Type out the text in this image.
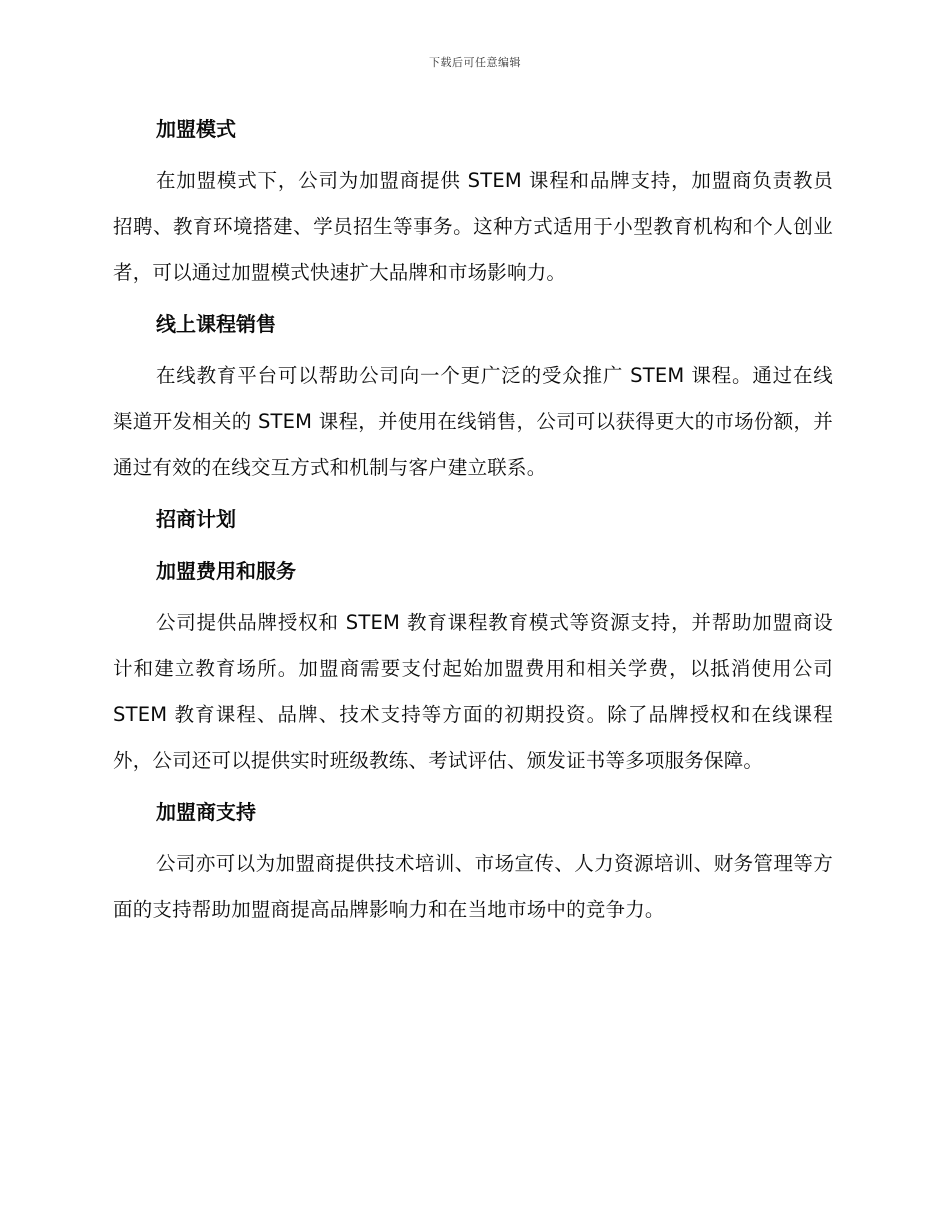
下载后可任意编辑
加盟模式

在加盟模式下，公司为加盟商提供 STEM 课程和品牌支持，加盟商负责教员招聘、教育环境搭建、学员招生等事务。这种方式适用于小型教育机构和个人创业者，可以通过加盟模式快速扩大品牌和市场影响力。

线上课程销售

在线教育平台可以帮助公司向一个更广泛的受众推广 STEM 课程。通过在线渠道开发相关的 STEM 课程，并使用在线销售，公司可以获得更大的市场份额，并通过有效的在线交互方式和机制与客户建立联系。

招商计划
加盟费用和服务

公司提供品牌授权和 STEM 教育课程教育模式等资源支持，并帮助加盟商设计和建立教育场所。加盟商需要支付起始加盟费用和相关学费，以抵消使用公司 STEM 教育课程、品牌、技术支持等方面的初期投资。除了品牌授权和在线课程外，公司还可以提供实时班级教练、考试评估、颁发证书等多项服务保障。

加盟商支持

公司亦可以为加盟商提供技术培训、市场宣传、人力资源培训、财务管理等方面的支持帮助加盟商提高品牌影响力和在当地市场中的竞争力。
